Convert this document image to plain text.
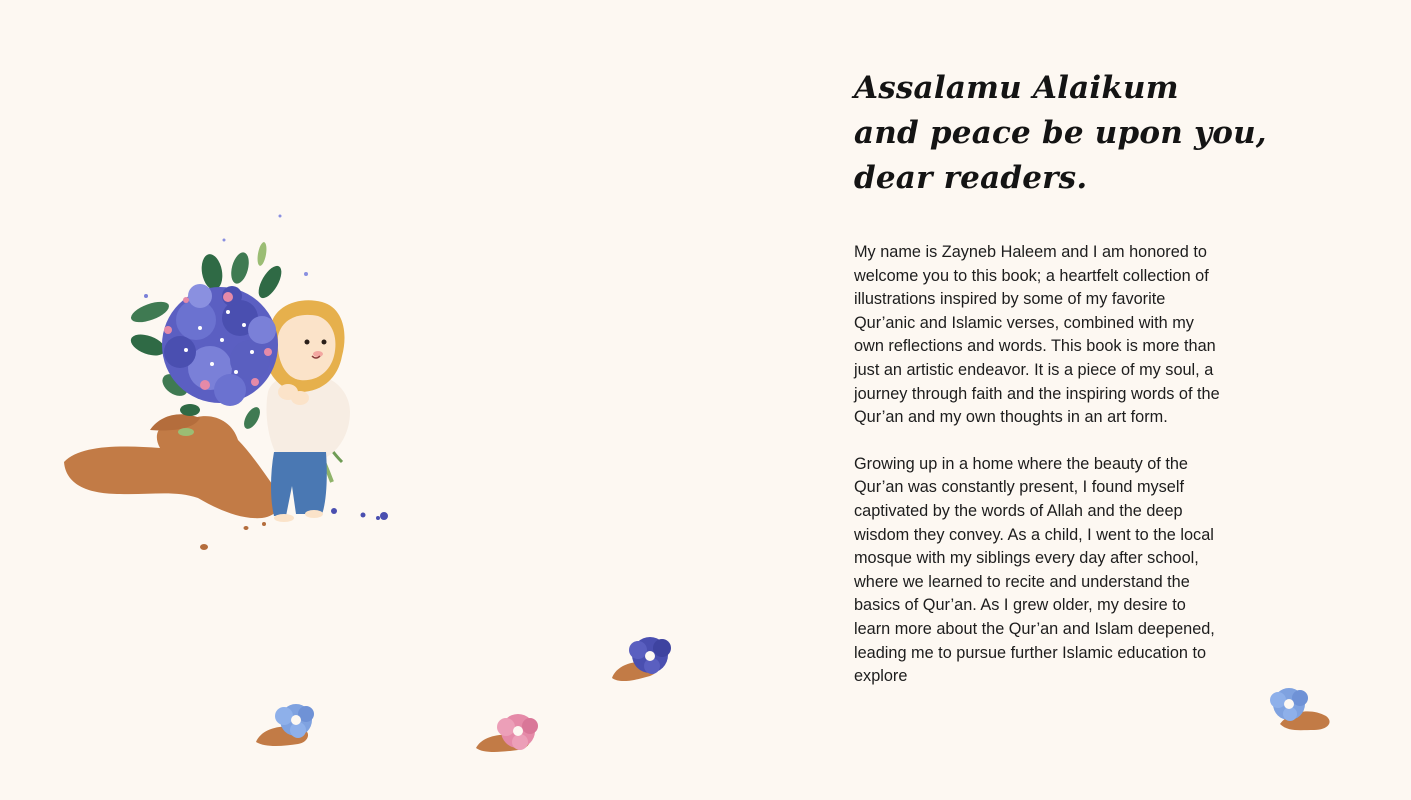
Assalamu Alaikum
and peace be upon you,
dear readers.

My name is Zayneb Haleem and I am honored to welcome you to this book; a heartfelt collection of illustrations inspired by some of my favorite Qur’anic and Islamic verses, combined with my own reflections and words. This book is more than just an artistic endeavor. It is a piece of my soul, a journey through faith and the inspiring words of the Qur’an and my own thoughts in an art form.

Growing up in a home where the beauty of the Qur’an was constantly present, I found myself captivated by the words of Allah and the deep wisdom they convey. As a child, I went to the local mosque with my siblings every day after school, where we learned to recite and understand the basics of Qur’an. As I grew older, my desire to learn more about the Qur’an and Islam deepened, leading me to pursue further Islamic education to explore
